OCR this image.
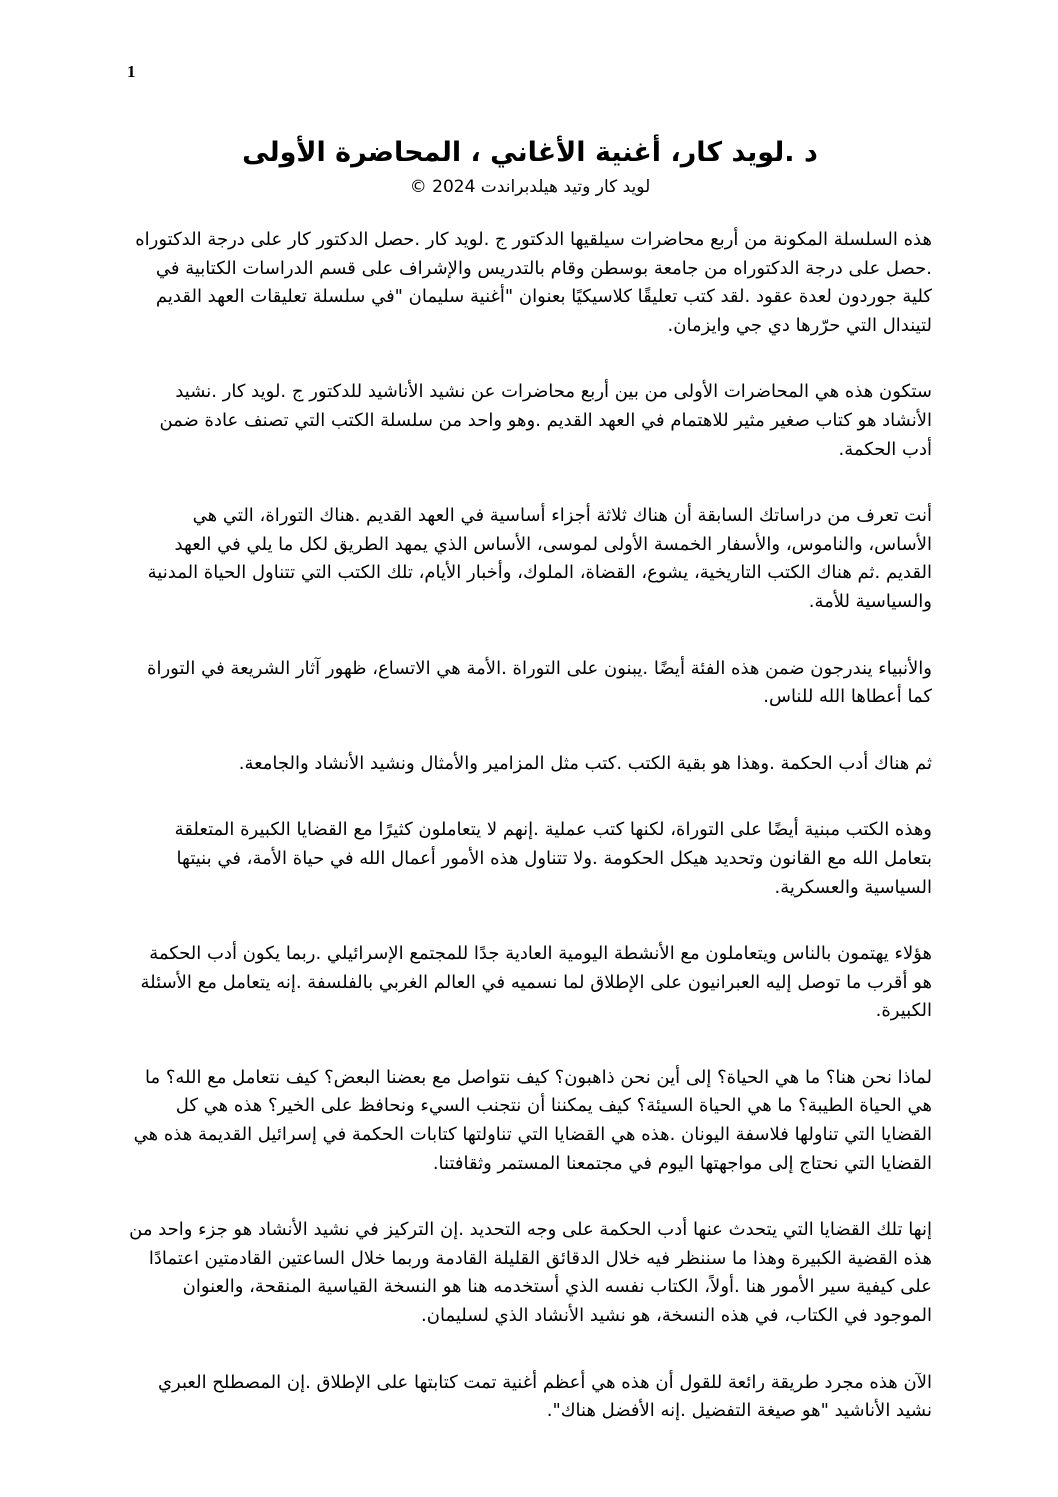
1
د .لويد كار، أغنية الأغاني ، المحاضرة الأولى
لويد كار وتيد هيلدبراندت 2024 ©

هذه السلسلة المكونة من أربع محاضرات سيلقيها الدكتور ج .لويد كار .حصل الدكتور كار على درجة الدكتوراه .حصل على درجة الدكتوراه من جامعة بوسطن وقام بالتدريس والإشراف على قسم الدراسات الكتابية في كلية جوردون لعدة عقود .لقد كتب تعليقًا كلاسيكيًا بعنوان "أغنية سليمان "في سلسلة تعليقات العهد القديم لتيندال التي حرّرها دي جي وايزمان.

ستكون هذه هي المحاضرات الأولى من بين أربع محاضرات عن نشيد الأناشيد للدكتور ج .لويد كار .نشيد الأنشاد هو كتاب صغير مثير للاهتمام في العهد القديم .وهو واحد من سلسلة الكتب التي تصنف عادة ضمن أدب الحكمة.

أنت تعرف من دراساتك السابقة أن هناك ثلاثة أجزاء أساسية في العهد القديم .هناك التوراة، التي هي الأساس، والناموس، والأسفار الخمسة الأولى لموسى، الأساس الذي يمهد الطريق لكل ما يلي في العهد القديم .ثم هناك الكتب التاريخية، يشوع، القضاة، الملوك، وأخبار الأيام، تلك الكتب التي تتناول الحياة المدنية والسياسية للأمة.

والأنبياء يندرجون ضمن هذه الفئة أيضًا .يبنون على التوراة .الأمة هي الاتساع، ظهور آثار الشريعة في التوراة كما أعطاها الله للناس.

ثم هناك أدب الحكمة .وهذا هو بقية الكتب .كتب مثل المزامير والأمثال ونشيد الأنشاد والجامعة.

وهذه الكتب مبنية أيضًا على التوراة، لكنها كتب عملية .إنهم لا يتعاملون كثيرًا مع القضايا الكبيرة المتعلقة بتعامل الله مع القانون وتحديد هيكل الحكومة .ولا تتناول هذه الأمور أعمال الله في حياة الأمة، في بنيتها السياسية والعسكرية.

هؤلاء يهتمون بالناس ويتعاملون مع الأنشطة اليومية العادية جدًا للمجتمع الإسرائيلي .ربما يكون أدب الحكمة هو أقرب ما توصل إليه العبرانيون على الإطلاق لما نسميه في العالم الغربي بالفلسفة .إنه يتعامل مع الأسئلة الكبيرة.

لماذا نحن هنا؟ ما هي الحياة؟ إلى أين نحن ذاهبون؟ كيف نتواصل مع بعضنا البعض؟ كيف نتعامل مع الله؟ ما هي الحياة الطيبة؟ ما هي الحياة السيئة؟ كيف يمكننا أن نتجنب السيء ونحافظ على الخير؟ هذه هي كل القضايا التي تناولها فلاسفة اليونان .هذه هي القضايا التي تناولتها كتابات الحكمة في إسرائيل القديمة هذه هي القضايا التي نحتاج إلى مواجهتها اليوم في مجتمعنا المستمر وثقافتنا.

إنها تلك القضايا التي يتحدث عنها أدب الحكمة على وجه التحديد .إن التركيز في نشيد الأنشاد هو جزء واحد من هذه القضية الكبيرة وهذا ما سننظر فيه خلال الدقائق القليلة القادمة وربما خلال الساعتين القادمتين اعتمادًا على كيفية سير الأمور هنا .أولاً، الكتاب نفسه الذي أستخدمه هنا هو النسخة القياسية المنقحة، والعنوان الموجود في الكتاب، في هذه النسخة، هو نشيد الأنشاد الذي لسليمان.

الآن هذه مجرد طريقة رائعة للقول أن هذه هي أعظم أغنية تمت كتابتها على الإطلاق .إن المصطلح العبري نشيد الأناشيد "هو صيغة التفضيل .إنه الأفضل هناك".
